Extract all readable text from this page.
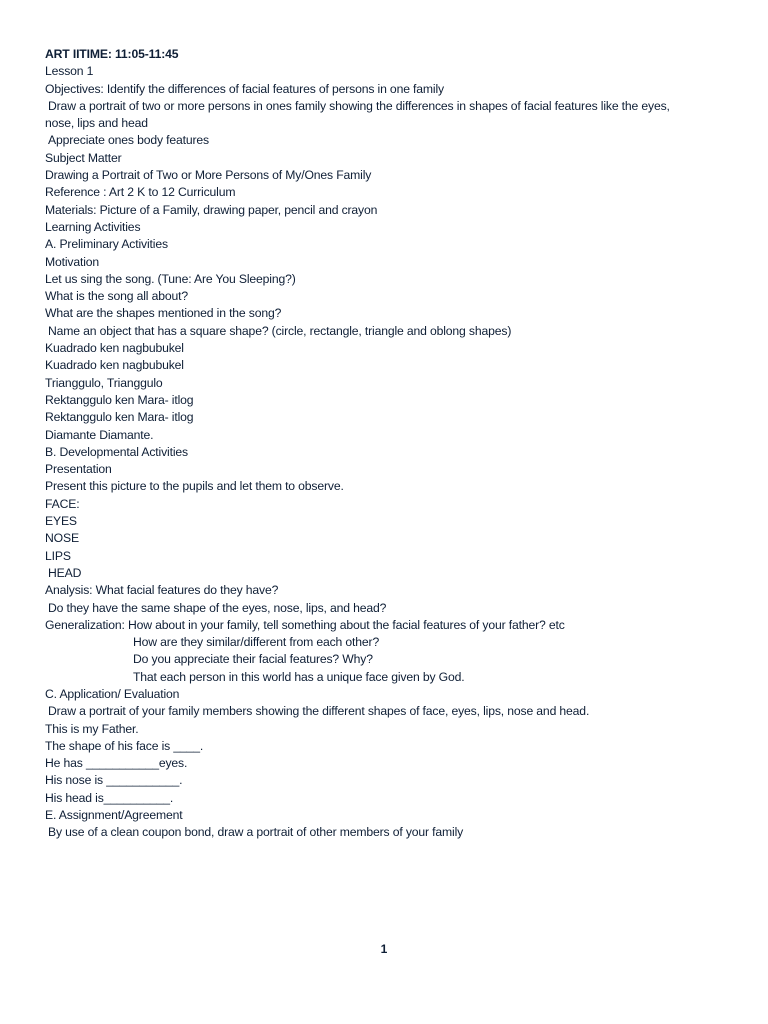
ART IITIME: 11:05-11:45
Lesson 1
Objectives: Identify the differences of facial features of persons in one family
Draw a portrait of two or more persons in ones family showing the differences in shapes of facial features like the eyes,
nose, lips and head
Appreciate ones body features
Subject Matter
Drawing a Portrait of Two or More Persons of My/Ones Family
Reference : Art 2 K to 12 Curriculum
Materials: Picture of a Family, drawing paper, pencil and crayon
Learning Activities
A. Preliminary Activities
Motivation
Let us sing the song. (Tune: Are You Sleeping?)
What is the song all about?
What are the shapes mentioned in the song?
Name an object that has a square shape? (circle, rectangle, triangle and oblong shapes)
Kuadrado ken nagbubukel
Kuadrado ken nagbubukel
Trianggulo, Trianggulo
Rektanggulo ken Mara- itlog
Rektanggulo ken Mara- itlog
Diamante Diamante.
B. Developmental Activities
Presentation
Present this picture to the pupils and let them to observe.
FACE:
EYES
NOSE
LIPS
HEAD
Analysis: What facial features do they have?
Do they have the same shape of the eyes, nose, lips, and head?
Generalization: How about in your family, tell something about the facial features of your father? etc
How are they similar/different from each other?
Do you appreciate their facial features? Why?
That each person in this world has a unique face given by God.
C. Application/ Evaluation
Draw a portrait of your family members showing the different shapes of face, eyes, lips, nose and head.
This is my Father.
The shape of his face is ____.
He has ___________eyes.
His nose is ___________.
His head is__________.
E. Assignment/Agreement
By use of a clean coupon bond, draw a portrait of other members of your family
1
